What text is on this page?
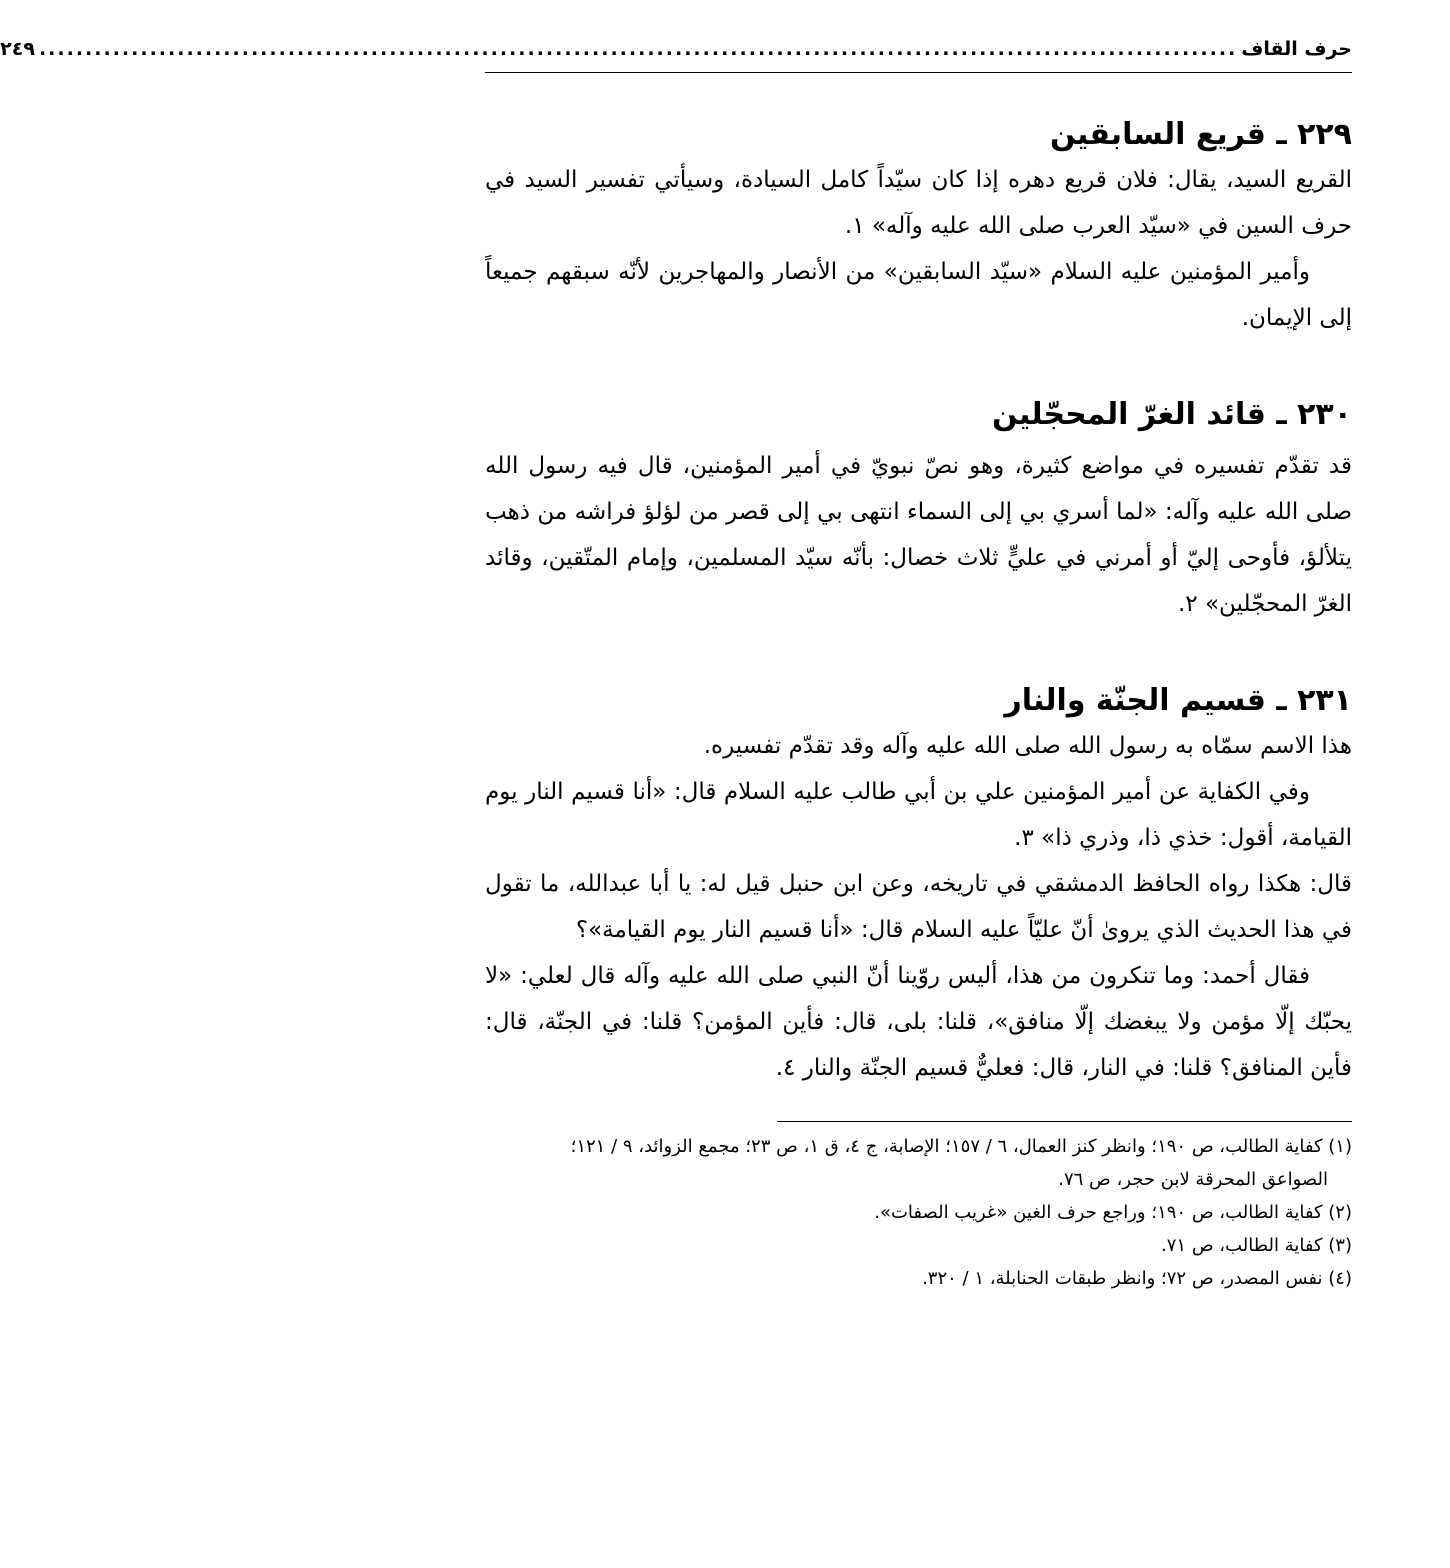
حرف القاف
..................................................................................................................................
٢٤٩
٢٢٩ ـ قريع السابقين

القريع السيد، يقال: فلان قريع دهره إذا كان سيّداً كامل السيادة، وسيأتي تفسير السيد في حرف السين في «سيّد العرب صلى الله عليه وآله» ١.

وأمير المؤمنين عليه السلام «سيّد السابقين» من الأنصار والمهاجرين لأنّه سبقهم جميعاً إلى الإيمان.

٢٣٠ ـ قائد الغرّ المحجّلين

قد تقدّم تفسيره في مواضع كثيرة، وهو نصّ نبويّ في أمير المؤمنين، قال فيه رسول الله صلى الله عليه وآله: «لما أسري بي إلى السماء انتهى بي إلى قصر من لؤلؤ فراشه من ذهب يتلألؤ، فأوحى إليّ أو أمرني في عليٍّ ثلاث خصال: بأنّه سيّد المسلمين، وإمام المتّقين، وقائد الغرّ المحجّلين» ٢.

٢٣١ ـ قسيم الجنّة والنار

هذا الاسم سمّاه به رسول الله صلى الله عليه وآله وقد تقدّم تفسيره.

وفي الكفاية عن أمير المؤمنين علي بن أبي طالب عليه السلام قال: «أنا قسيم النار يوم القيامة، أقول: خذي ذا، وذري ذا» ٣.

قال: هكذا رواه الحافظ الدمشقي في تاريخه، وعن ابن حنبل قيل له: يا أبا عبدالله، ما تقول في هذا الحديث الذي يروىٰ أنّ عليّاً عليه السلام قال: «أنا قسيم النار يوم القيامة»؟

فقال أحمد: وما تنكرون من هذا، أليس روّينا أنّ النبي صلى الله عليه وآله قال لعلي: «لا يحبّك إلّا مؤمن ولا يبغضك إلّا منافق»، قلنا: بلى، قال: فأين المؤمن؟ قلنا: في الجنّة، قال: فأين المنافق؟ قلنا: في النار، قال: فعليٌّ قسيم الجنّة والنار ٤.

(١) كفاية الطالب، ص ١٩٠؛ وانظر كنز العمال، ٦ / ١٥٧؛ الإصابة، ج ٤، ق ١، ص ٢٣؛ مجمع الزوائد، ٩ / ١٢١؛

الصواعق المحرقة لابن حجر، ص ٧٦.

(٢) كفاية الطالب، ص ١٩٠؛ وراجع حرف الغين «غريب الصفات».

(٣) كفاية الطالب، ص ٧١.

(٤) نفس المصدر، ص ٧٢؛ وانظر طبقات الحنابلة، ١ / ٣٢٠.
